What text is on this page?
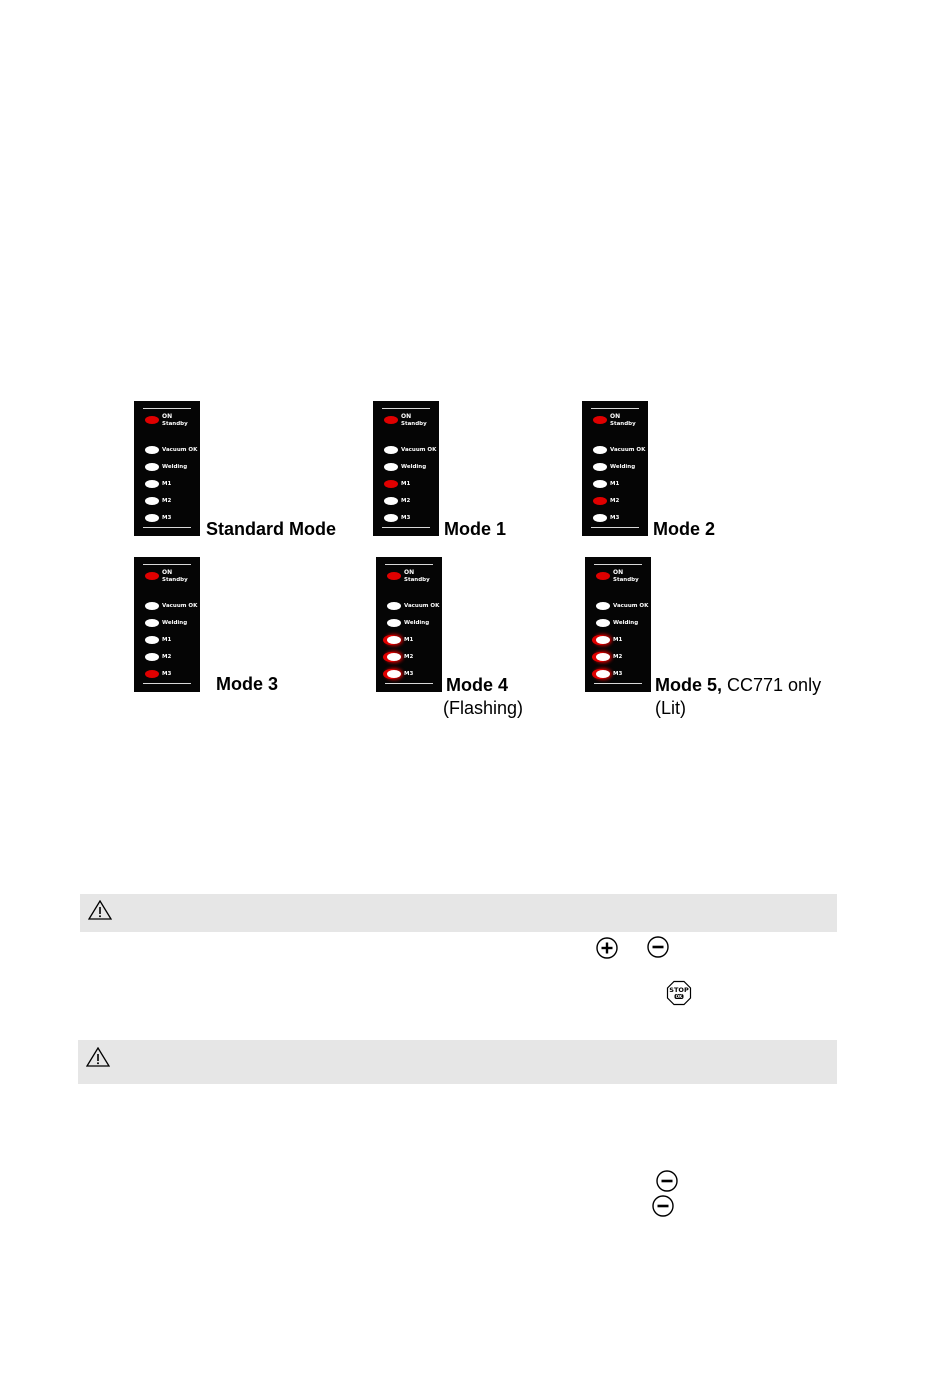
ON
Standby
Vacuum OK
Welding
M1
M2
M3
Standard Mode
ON
Standby
Vacuum OK
Welding
M1
M2
M3
Mode 1
ON
Standby
Vacuum OK
Welding
M1
M2
M3
Mode 2
ON
Standby
Vacuum OK
Welding
M1
M2
M3 Mode 3
ON
Standby
Vacuum OK
Welding
M1
M2
M3
Mode 4
(Flashing)
ON
Standby
Vacuum OK
Welding
M1
M2
M3
Mode 5, CC771 only
(Lit)
STOP
OK
